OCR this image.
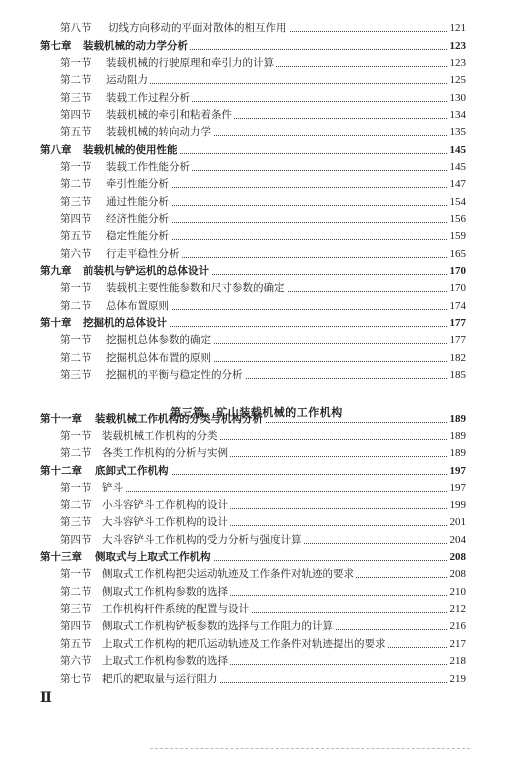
第八节 切线方向移动的平面对散体的相互作用	121
第七章 装载机械的动力学分析	123
第一节 装载机械的行驶原理和牵引力的计算	123
第二节 运动阻力	125
第三节 装载工作过程分析	130
第四节 装载机械的牵引和粘着条件	134
第五节 装载机械的转向动力学	135
第八章 装载机械的使用性能	145
第一节 装载工作性能分析	145
第二节 牵引性能分析	147
第三节 通过性能分析	154
第四节 经济性能分析	156
第五节 稳定性能分析	159
第六节 行走平稳性分析	165
第九章 前装机与铲运机的总体设计	170
第一节 装载机主要性能参数和尺寸参数的确定	170
第二节 总体布置原则	174
第十章 挖掘机的总体设计	177
第一节 挖掘机总体参数的确定	177
第二节 挖掘机总体布置的原则	182
第三节 挖掘机的平衡与稳定性的分析	185
第十一章 装载机械工作机构的分类与机构分析	189
第一节 装载机械工作机构的分类	189
第二节 各类工作机构的分析与实例	189
第十二章 底卸式工作机构	197
第一节 铲斗	197
第二节 小斗容铲斗工作机构的设计	199
第三节 大斗容铲斗工作机构的设计	201
第四节 大斗容铲斗工作机构的受力分析与强度计算	204
第十三章 侧取式与上取式工作机构	208
第一节 侧取式工作机构把尖运动轨迹及工作条件对轨迹的要求	208
第二节 侧取式工作机构参数的选择	210
第三节 工作机构杆件系统的配置与设计	212
第四节 侧取式工作机构铲板参数的选择与工作阻力的计算	216
第五节 上取式工作机构的耙爪运动轨迹及工作条件对轨迹提出的要求	217
第六节 上取式工作机构参数的选择	218
第七节 耙爪的耙取量与运行阻力	219
第三篇　矿山装载机械的工作机构
Ⅱ
